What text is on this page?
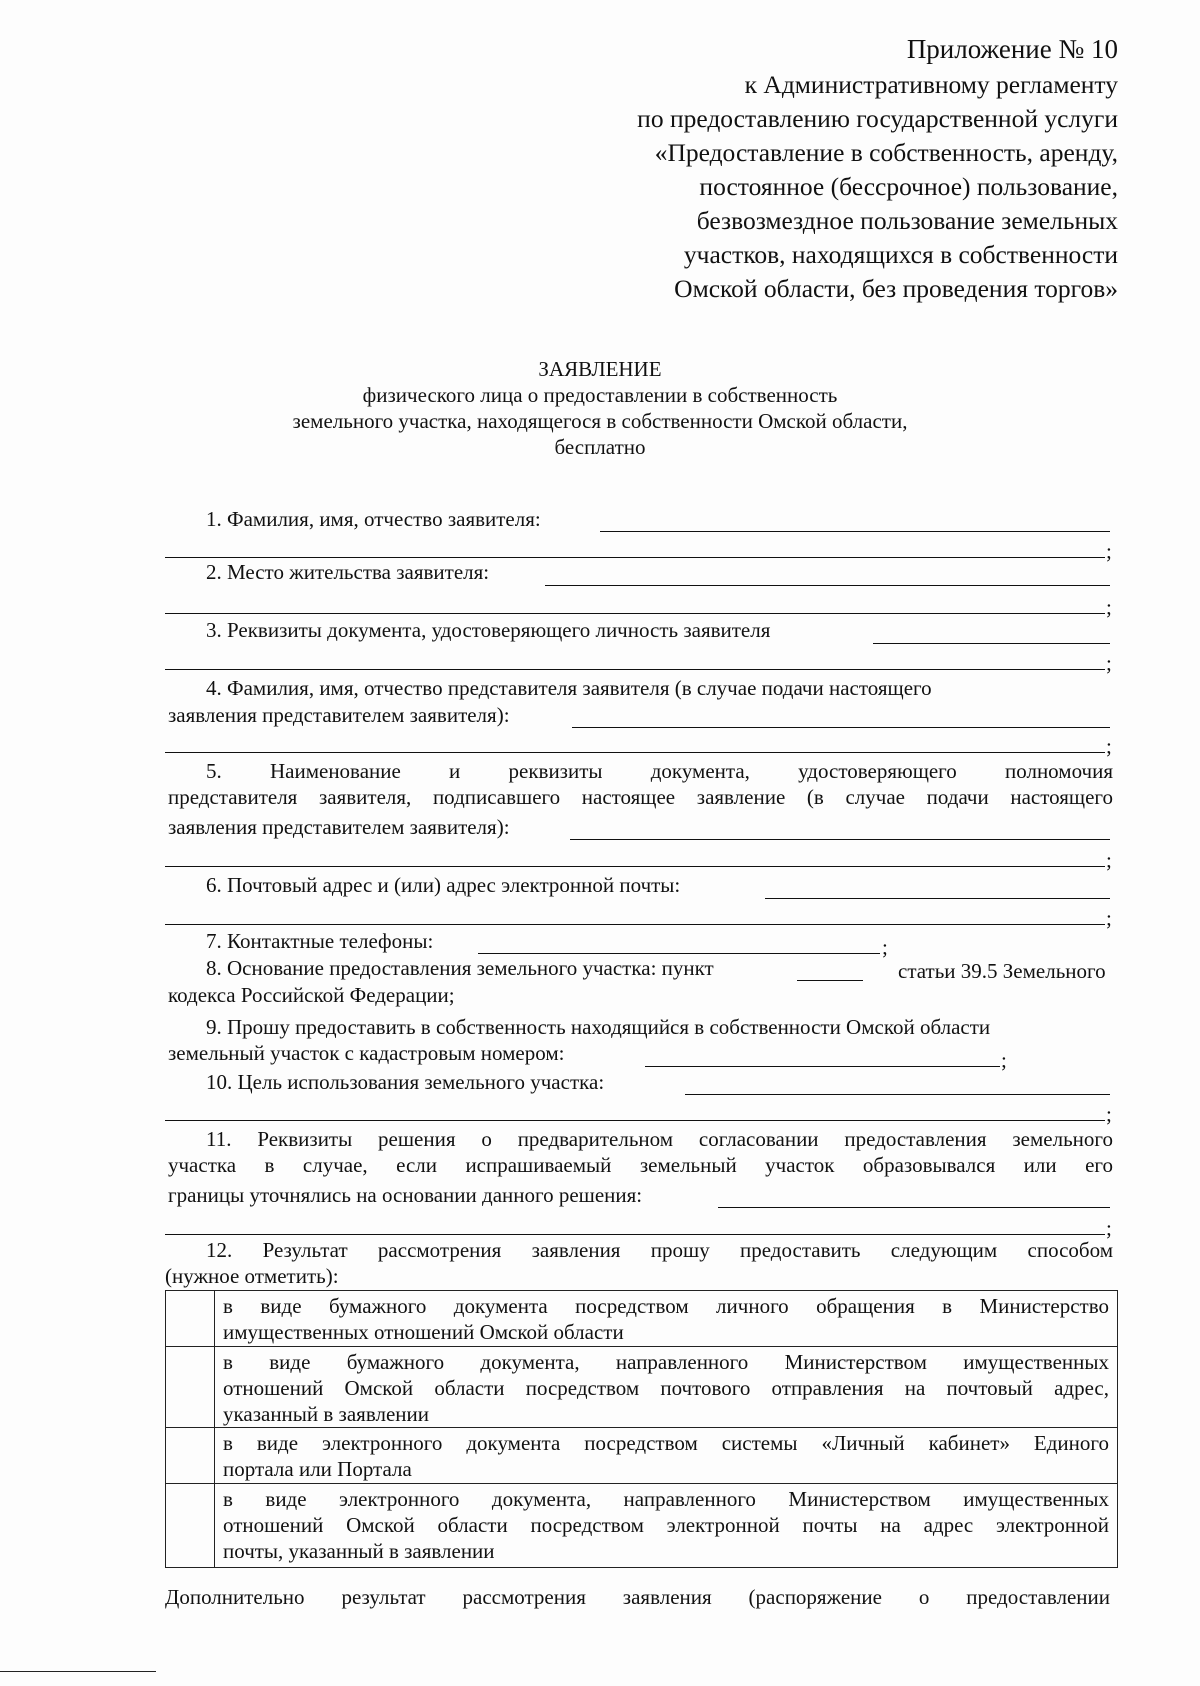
Приложение № 10
к Административному регламенту
по предоставлению государственной услуги
«Предоставление в собственность, аренду,
постоянное (бессрочное) пользование,
безвозмездное пользование земельных
участков, находящихся в собственности
Омской области, без проведения торгов»
ЗАЯВЛЕНИЕ
физического лица о предоставлении в собственность
земельного участка, находящегося в собственности Омской области,
бесплатно
1. Фамилия, имя, отчество заявителя:
;
2. Место жительства заявителя:
;
3. Реквизиты документа, удостоверяющего личность заявителя
;
4. Фамилия, имя, отчество представителя заявителя (в случае подачи настоящего
заявления представителем заявителя):
;
5. Наименование и реквизиты документа, удостоверяющего полномочия
представителя заявителя, подписавшего настоящее заявление (в случае подачи настоящего
заявления представителем заявителя):
;
6. Почтовый адрес и (или) адрес электронной почты:
;
7. Контактные телефоны:	;
8. Основание предоставления земельного участка: пункт	статьи 39.5 Земельного
кодекса Российской Федерации;
9. Прошу предоставить в собственность находящийся в собственности Омской области
земельный участок с кадастровым номером:	;
10. Цель использования земельного участка:
;
11. Реквизиты решения о предварительном согласовании предоставления земельного
участка в случае, если испрашиваемый земельный участок образовывался или его
границы уточнялись на основании данного решения:
;
12. Результат рассмотрения заявления прошу предоставить следующим способом
(нужное отметить):

	в виде бумажного документа посредством личного обращения в Министерство
имущественных отношений Омской области

	в виде бумажного документа, направленного Министерством имущественных
отношений Омской области посредством почтового отправления на почтовый адрес,
указанный в заявлении

	в виде электронного документа посредством системы «Личный кабинет» Единого
портала или Портала

	в виде электронного документа, направленного Министерством имущественных
отношений Омской области посредством электронной почты на адрес электронной
почты, указанный в заявлении
Дополнительно результат рассмотрения заявления (распоряжение о предоставлении
